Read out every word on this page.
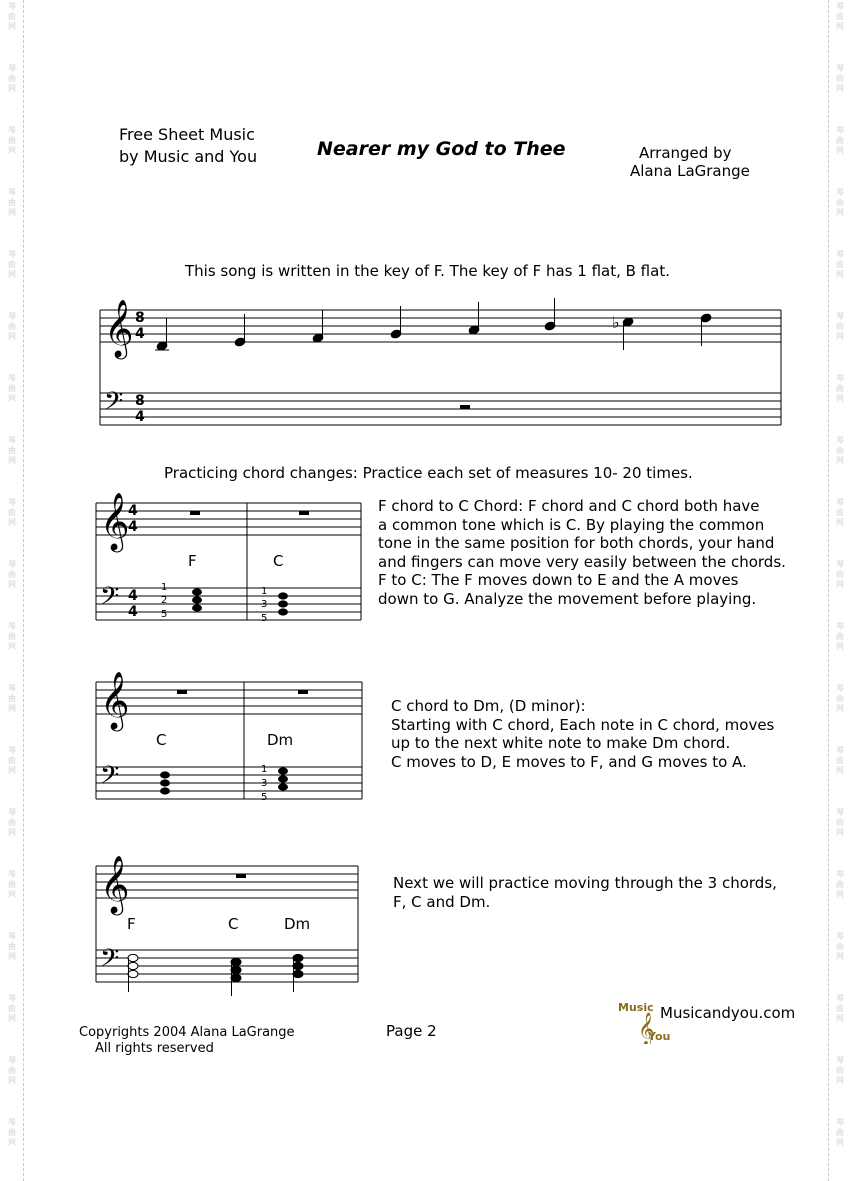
琴
曲
网
琴
曲
网
琴
曲
网
琴
曲
网
琴
曲
网
琴
曲
网
琴
曲
网
琴
曲
网
琴
曲
网
琴
曲
网
琴
曲
网
琴
曲
网
琴
曲
网
琴
曲
网
琴
曲
网
琴
曲
网
琴
曲
网
琴
曲
网
琴
曲
网
琴
曲
网
琴
曲
网
琴
曲
网
琴
曲
网
琴
曲
网
琴
曲
网
琴
曲
网
琴
曲
网
琴
曲
网
琴
曲
网
琴
曲
网
琴
曲
网
琴
曲
网
琴
曲
网
琴
曲
网
琴
曲
网
琴
曲
网
琴
曲
网
琴
曲
网
Free Sheet Music
by Music and You	Nearer my God to Thee	Arranged by
Alana LaGrange
This song is written in the key of F. The key of F has 1 flat, B flat.
𝄞
𝄢
8
4
8
4
♭
Practicing chord changes: Practice each set of measures 10- 20 times.
𝄞
𝄢
4
4
4
4
F	C
1
2
5
1
3
5
F chord to C Chord: F chord and C chord both have
a common tone which is C. By playing the common
tone in the same position for both chords, your hand
and fingers can move very easily between the chords.
F to C: The F moves down to E and the A moves
down to G. Analyze the movement before playing.
𝄞
𝄢
C	Dm
1
3
5
C chord to Dm, (D minor):
Starting with C chord, Each note in C chord, moves
up to the next white note to make Dm chord.
C moves to D, E moves to F, and G moves to A.
𝄞
𝄢
F	C	Dm
Next we will practice moving through the 3 chords,
F, C and Dm.
Copyrights 2004 Alana LaGrange
All rights reserved
Page 2
Music
𝄞
You
Musicandyou.com
